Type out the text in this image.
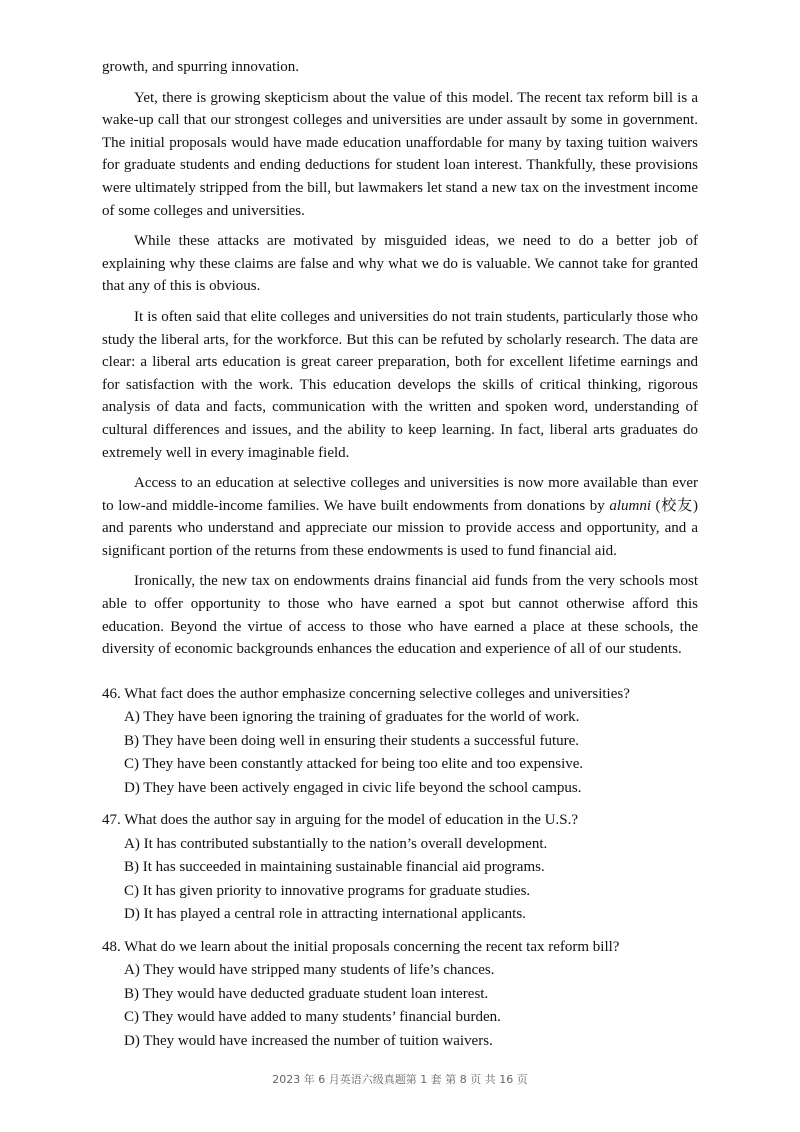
growth, and spurring innovation.

Yet, there is growing skepticism about the value of this model. The recent tax reform bill is a wake-up call that our strongest colleges and universities are under assault by some in government. The initial proposals would have made education unaffordable for many by taxing tuition waivers for graduate students and ending deductions for student loan interest. Thankfully, these provisions were ultimately stripped from the bill, but lawmakers let stand a new tax on the investment income of some colleges and universities.

While these attacks are motivated by misguided ideas, we need to do a better job of explaining why these claims are false and why what we do is valuable. We cannot take for granted that any of this is obvious.

It is often said that elite colleges and universities do not train students, particularly those who study the liberal arts, for the workforce. But this can be refuted by scholarly research. The data are clear: a liberal arts education is great career preparation, both for excellent lifetime earnings and for satisfaction with the work. This education develops the skills of critical thinking, rigorous analysis of data and facts, communication with the written and spoken word, understanding of cultural differences and issues, and the ability to keep learning. In fact, liberal arts graduates do extremely well in every imaginable field.

Access to an education at selective colleges and universities is now more available than ever to low-and middle-income families. We have built endowments from donations by alumni (校友) and parents who understand and appreciate our mission to provide access and opportunity, and a significant portion of the returns from these endowments is used to fund financial aid.

Ironically, the new tax on endowments drains financial aid funds from the very schools most able to offer opportunity to those who have earned a spot but cannot otherwise afford this education. Beyond the virtue of access to those who have earned a place at these schools, the diversity of economic backgrounds enhances the education and experience of all of our students.

46. What fact does the author emphasize concerning selective colleges and universities?

A) They have been ignoring the training of graduates for the world of work.

B) They have been doing well in ensuring their students a successful future.

C) They have been constantly attacked for being too elite and too expensive.

D) They have been actively engaged in civic life beyond the school campus.

47. What does the author say in arguing for the model of education in the U.S.?

A) It has contributed substantially to the nation’s overall development.

B) It has succeeded in maintaining sustainable financial aid programs.

C) It has given priority to innovative programs for graduate studies.

D) It has played a central role in attracting international applicants.

48. What do we learn about the initial proposals concerning the recent tax reform bill?

A) They would have stripped many students of life’s chances.

B) They would have deducted graduate student loan interest.

C) They would have added to many students’ financial burden.

D) They would have increased the number of tuition waivers.

2023 年 6 月英语六级真题第 1 套 第 8 页 共 16 页
